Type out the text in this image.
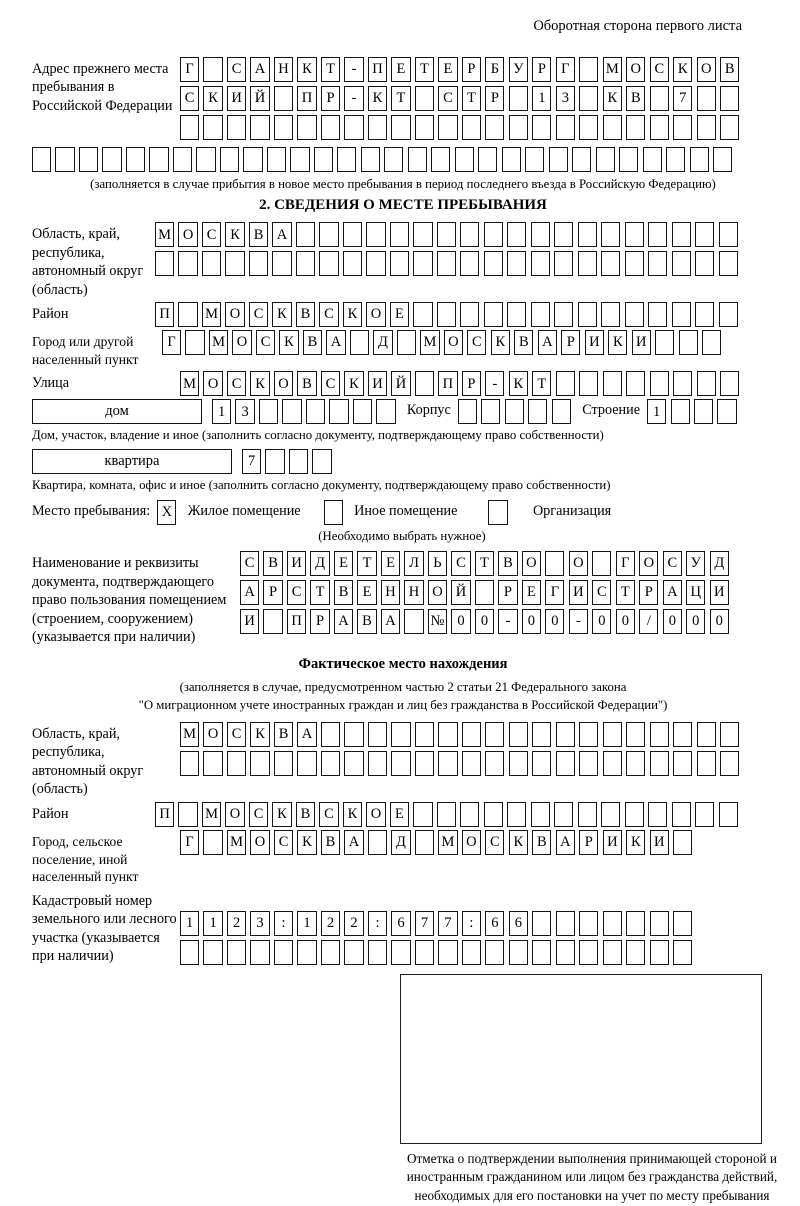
Оборотная сторона первого листа
Адрес прежнего места пребывания в Российской Федерации
Г	С А Н К Т	-	П Е	Т	Е	Р	Б У Р	Г	М О С К О В
С К И Й	П Р	-	К Т	С Т	Р	1	3	К В	7
(заполняется в случае прибытия в новое место пребывания в период последнего въезда в Российскую Федерацию)
2. СВЕДЕНИЯ О МЕСТЕ ПРЕБЫВАНИЯ
Область, край, республика, автономный округ (область)
М О С К В А
Район	П	М О С К В С К О Е
Город или другой населенный пункт
Г	М О С К В А	Д	М О С К В А Р И К И
Улица	М О С К О В С К И Й	П Р	-	К Т
дом	1	3	Корпус	Строение 1
Дом, участок, владение и иное (заполнить согласно документу, подтверждающему право собственности)
квартира	7
Квартира, комната, офис и иное (заполнить согласно документу, подтверждающему право собственности)
Место пребывания: X	Жилое помещение	Иное помещение	Организация
(Необходимо выбрать нужное)
Наименование и реквизиты документа, подтверждающего право пользования помещением (строением, сооружением) (указывается при наличии)
С В И Д Е	Т	Е Л Ь С Т В О	О	Г О С У Д
А Р	С Т В Е Н Н О Й	Р	Е	Г И С Т	Р А Ц И
И	П Р А В А	№ 0	0	-	0	0	-	0	0	/	0	0	0
Фактическое место нахождения
(заполняется в случае, предусмотренном частью 2 статьи 21 Федерального закона
"О миграционном учете иностранных граждан и лиц без гражданства в Российской Федерации")
Область, край, республика, автономный округ (область)
М О С К В А
Район	П	М О С К В С К О Е
Город, сельское поселение, иной населенный пункт
Г	М О С К В А	Д	М О С К В А Р И К И
Кадастровый номер земельного или лесного участка (указывается при наличии)
1	1	2	3	:	1	2	2	:	6	7	7	:	6	6
Отметка о подтверждении выполнения принимающей стороной и иностранным гражданином или лицом без гражданства действий, необходимых для его постановки на учет по месту пребывания
